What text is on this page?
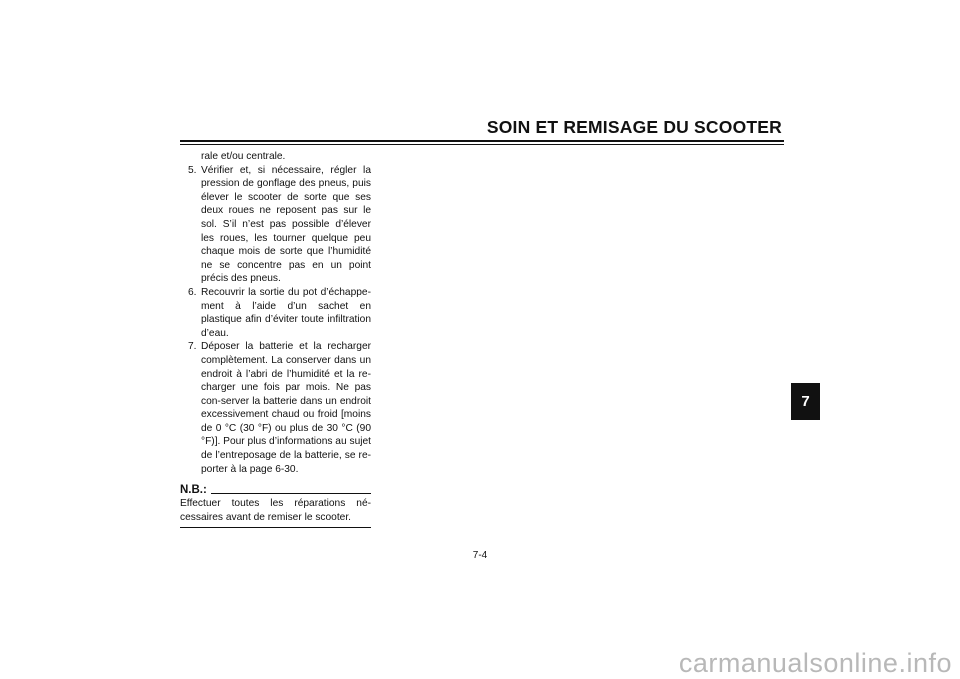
SOIN ET REMISAGE DU SCOOTER
rale et/ou centrale.
5. Vérifier et, si nécessaire, régler la pression de gonflage des pneus, puis élever le scooter de sorte que ses deux roues ne reposent pas sur le sol. S’il n’est pas possible d’élever les roues, les tourner quelque peu chaque mois de sorte que l’humidité ne se concentre pas en un point précis des pneus.
6. Recouvrir la sortie du pot d’échappe-ment à l’aide d’un sachet en plastique afin d’éviter toute infiltration d’eau.
7. Déposer la batterie et la recharger complètement. La conserver dans un endroit à l’abri de l’humidité et la re-charger une fois par mois. Ne pas con-server la batterie dans un endroit excessivement chaud ou froid [moins de 0 °C (30 °F) ou plus de 30 °C (90 °F)]. Pour plus d’informations au sujet de l’entreposage de la batterie, se re-porter à la page 6-30.
N.B.:
Effectuer toutes les réparations né-cessaires avant de remiser le scooter.
7-4
7
carmanualsonline.info
